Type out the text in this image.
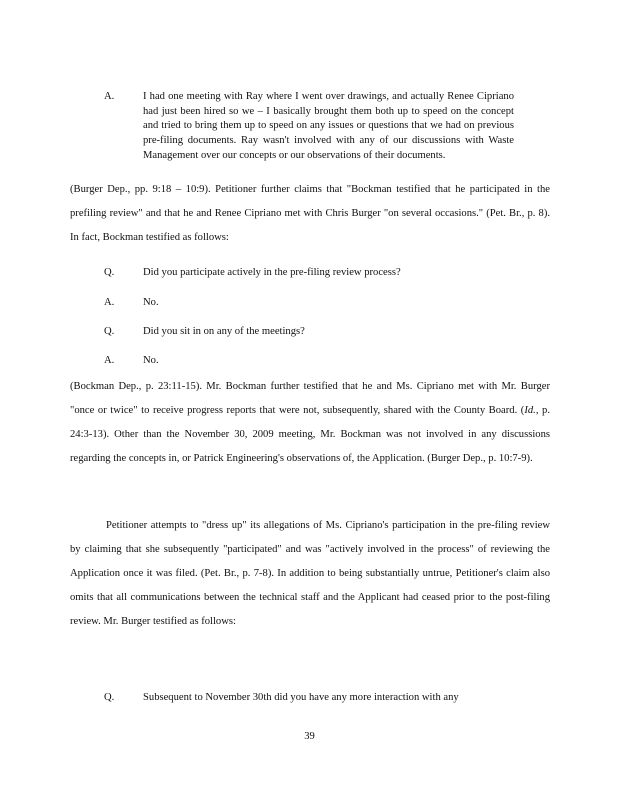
A.	I had one meeting with Ray where I went over drawings, and actually Renee Cipriano had just been hired so we – I basically brought them both up to speed on the concept and tried to bring them up to speed on any issues or questions that we had on previous pre-filing documents. Ray wasn't involved with any of our discussions with Waste Management over our concepts or our observations of their documents.
(Burger Dep., pp. 9:18 – 10:9). Petitioner further claims that "Bockman testified that he participated in the prefiling review" and that he and Renee Cipriano met with Chris Burger "on several occasions." (Pet. Br., p. 8). In fact, Bockman testified as follows:
Q.	Did you participate actively in the pre-filing review process?
A.	No.
Q.	Did you sit in on any of the meetings?
A.	No.
(Bockman Dep., p. 23:11-15). Mr. Bockman further testified that he and Ms. Cipriano met with Mr. Burger "once or twice" to receive progress reports that were not, subsequently, shared with the County Board. (Id., p. 24:3-13). Other than the November 30, 2009 meeting, Mr. Bockman was not involved in any discussions regarding the concepts in, or Patrick Engineering's observations of, the Application. (Burger Dep., p. 10:7-9).
Petitioner attempts to "dress up" its allegations of Ms. Cipriano's participation in the pre-filing review by claiming that she subsequently "participated" and was "actively involved in the process" of reviewing the Application once it was filed. (Pet. Br., p. 7-8). In addition to being substantially untrue, Petitioner's claim also omits that all communications between the technical staff and the Applicant had ceased prior to the post-filing review. Mr. Burger testified as follows:
Q.	Subsequent to November 30th did you have any more interaction with any
39
